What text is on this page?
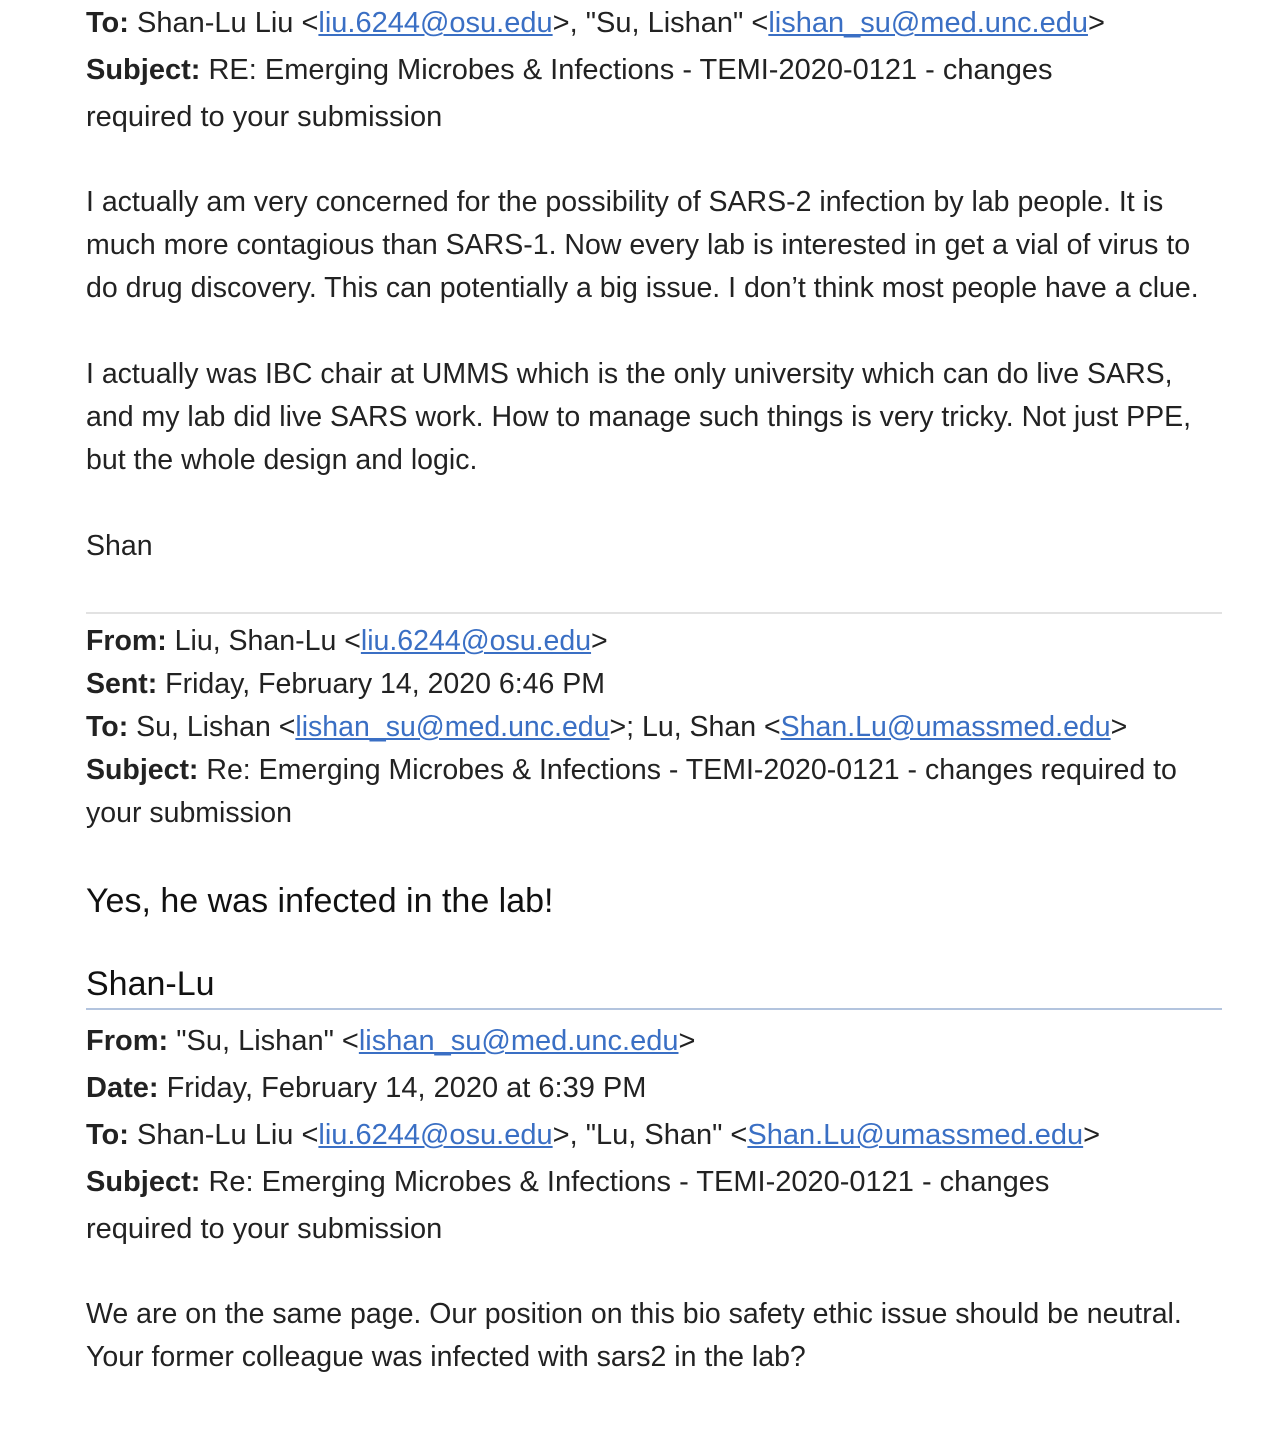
To: Shan-Lu Liu <liu.6244@osu.edu>, "Su, Lishan" <lishan_su@med.unc.edu>
Subject: RE: Emerging Microbes & Infections - TEMI-2020-0121 - changes
required to your submission
I actually am very concerned for the possibility of SARS-2 infection by lab people. It is much more contagious than SARS-1. Now every lab is interested in get a vial of virus to do drug discovery. This can potentially a big issue. I don’t think most people have a clue.
I actually was IBC chair at UMMS which is the only university which can do live SARS, and my lab did live SARS work. How to manage such things is very tricky. Not just PPE, but the whole design and logic.
Shan
From: Liu, Shan-Lu <liu.6244@osu.edu>
Sent: Friday, February 14, 2020 6:46 PM
To: Su, Lishan <lishan_su@med.unc.edu>; Lu, Shan <Shan.Lu@umassmed.edu>
Subject: Re: Emerging Microbes & Infections - TEMI-2020-0121 - changes required to
your submission
Yes, he was infected in the lab!
Shan-Lu
From: "Su, Lishan" <lishan_su@med.unc.edu>
Date: Friday, February 14, 2020 at 6:39 PM
To: Shan-Lu Liu <liu.6244@osu.edu>, "Lu, Shan" <Shan.Lu@umassmed.edu>
Subject: Re: Emerging Microbes & Infections - TEMI-2020-0121 - changes
required to your submission
We are on the same page. Our position on this bio safety ethic issue should be neutral. Your former colleague was infected with sars2 in the lab?
